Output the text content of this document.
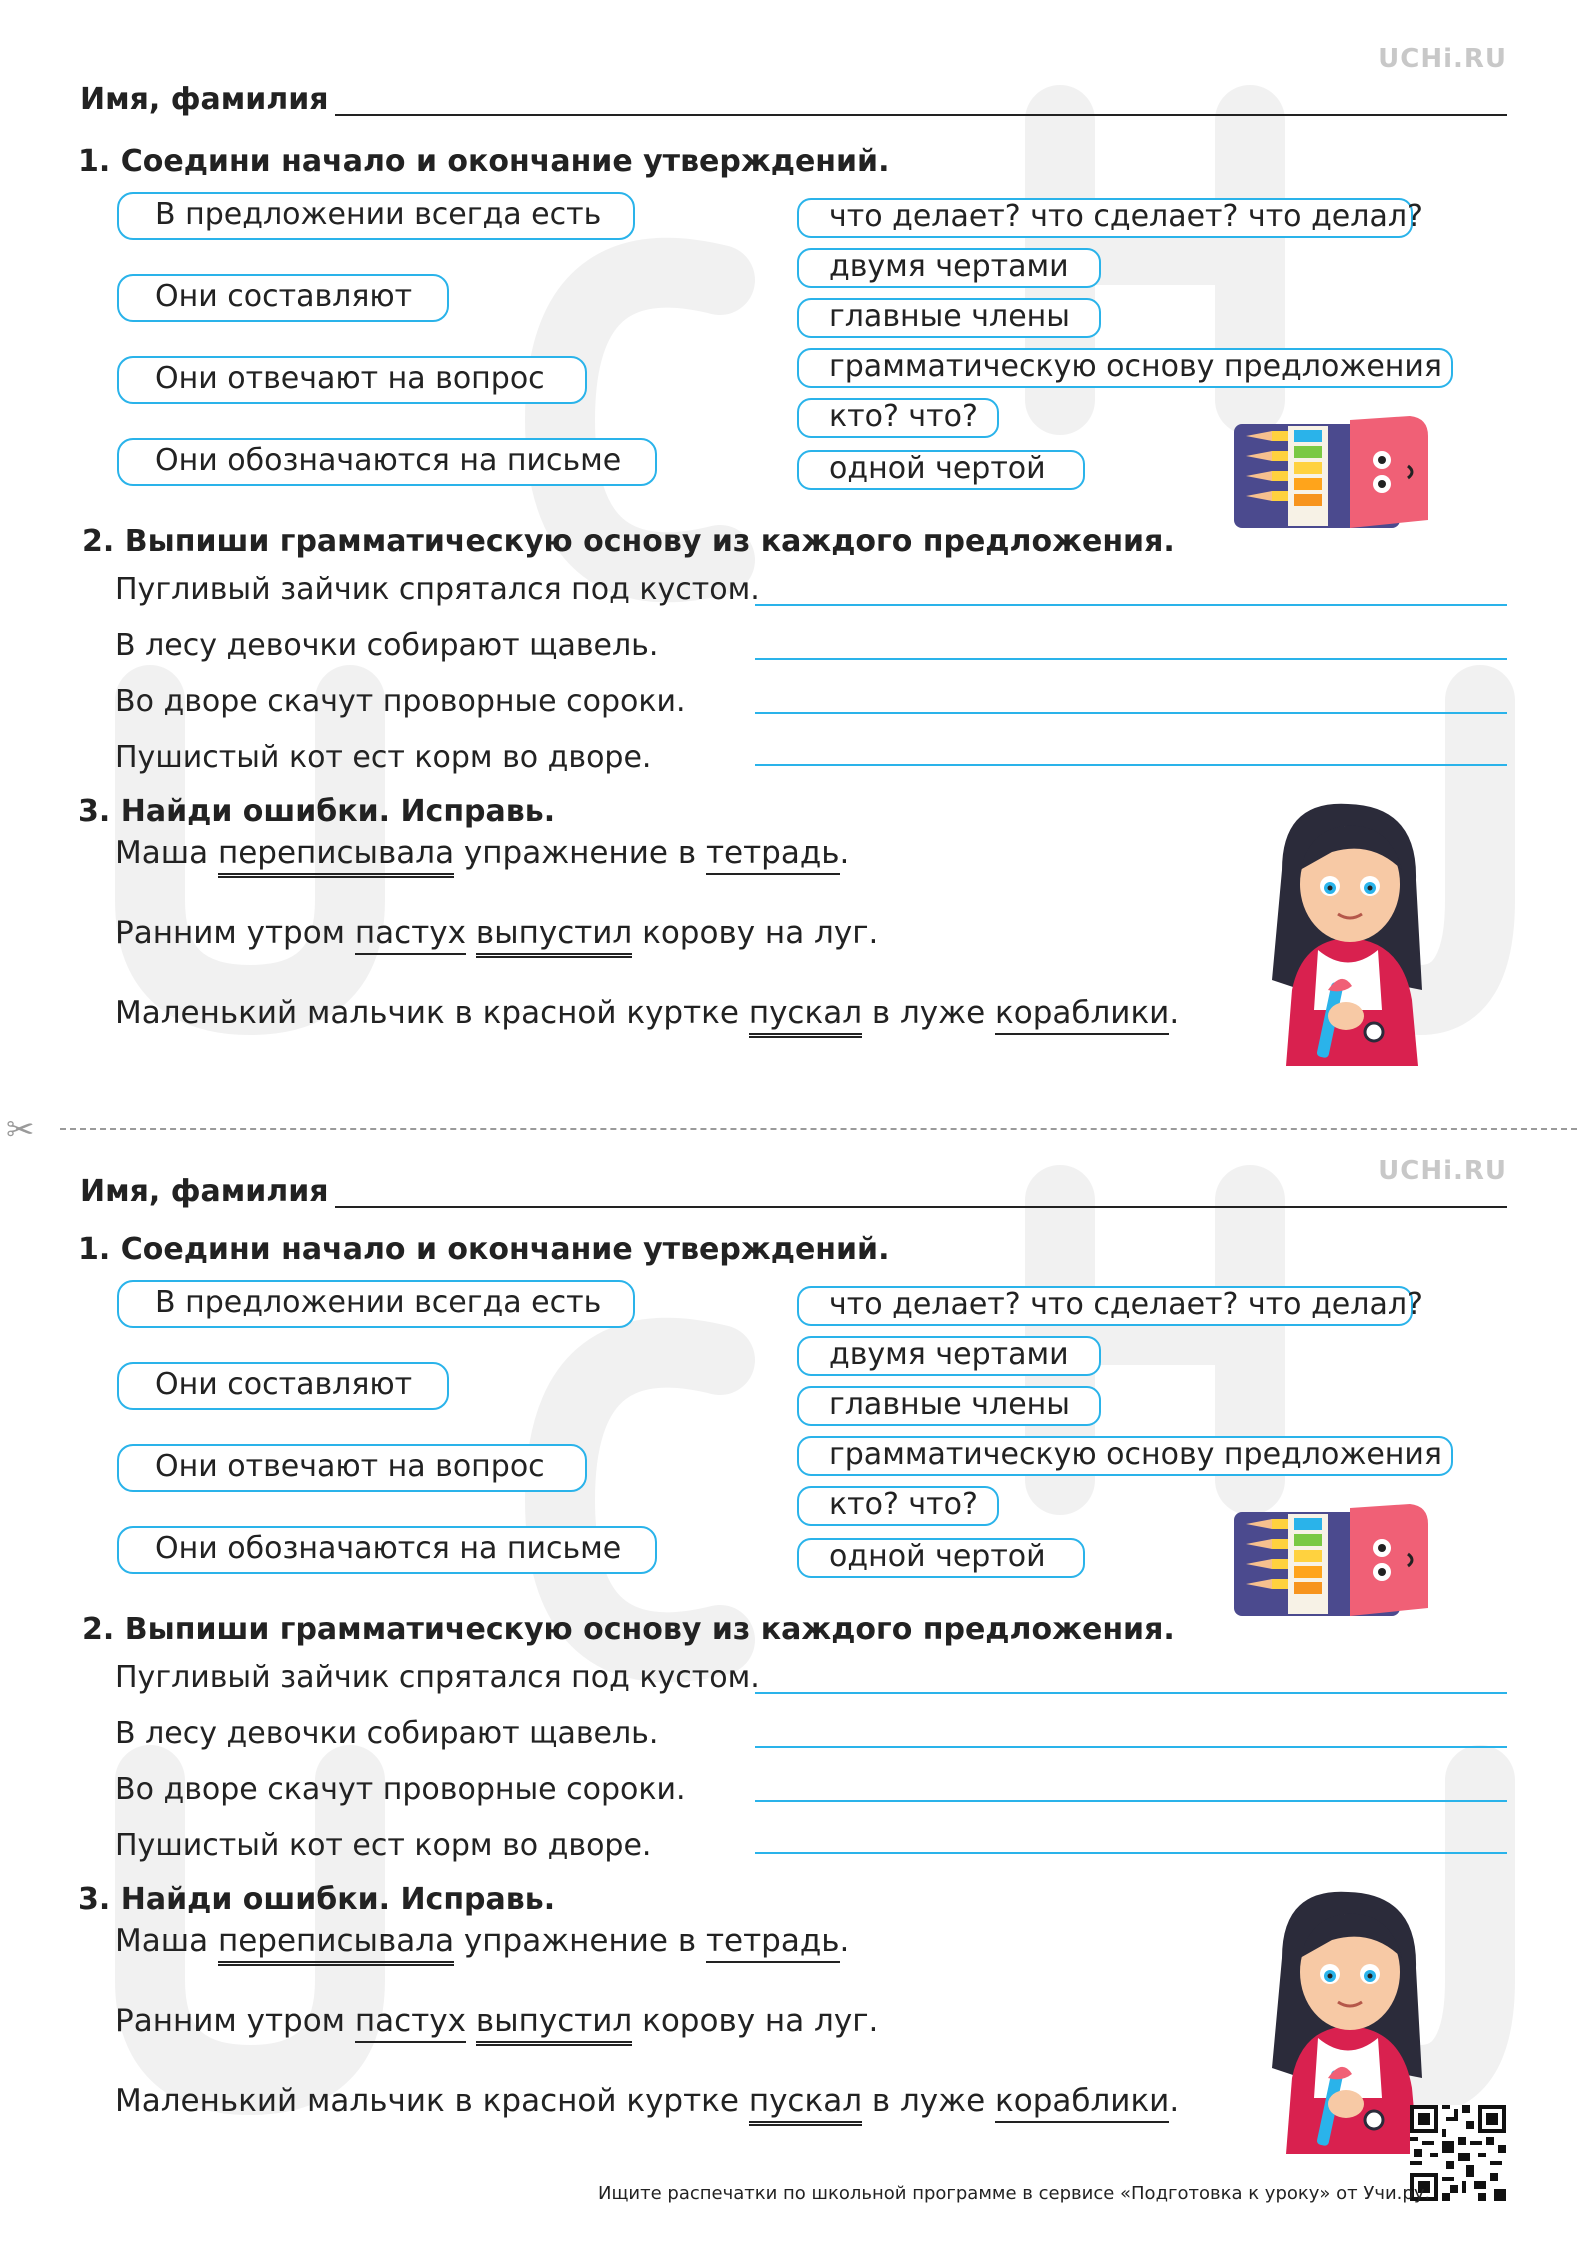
UCHi.RU
Имя, фамилия
1. Соедини начало и окончание утверждений.
В предложении всегда есть
Они составляют
Они отвечают на вопрос
Они обозначаются на письме
что делает? что сделает? что делал?
двумя чертами
главные члены
грамматическую основу предложения
кто? что?
одной чертой
2. Выпиши грамматическую основу из каждого предложения.
Пугливый зайчик спрятался под кустом.
В лесу девочки собирают щавель.
Во дворе скачут проворные сороки.
Пушистый кот ест корм во дворе.
3. Найди ошибки. Исправь.
Маша переписывала упражнение в тетрадь.
Ранним утром пастух выпустил корову на луг.
Маленький мальчик в красной куртке пускал в луже кораблики.
✂
UCHi.RU
Имя, фамилия
1. Соедини начало и окончание утверждений.
В предложении всегда есть
Они составляют
Они отвечают на вопрос
Они обозначаются на письме
что делает? что сделает? что делал?
двумя чертами
главные члены
грамматическую основу предложения
кто? что?
одной чертой
2. Выпиши грамматическую основу из каждого предложения.
Пугливый зайчик спрятался под кустом.
В лесу девочки собирают щавель.
Во дворе скачут проворные сороки.
Пушистый кот ест корм во дворе.
3. Найди ошибки. Исправь.
Маша переписывала упражнение в тетрадь.
Ранним утром пастух выпустил корову на луг.
Маленький мальчик в красной куртке пускал в луже кораблики.
Ищите распечатки по школьной программе в сервисе «Подготовка к уроку» от Учи.ру.
